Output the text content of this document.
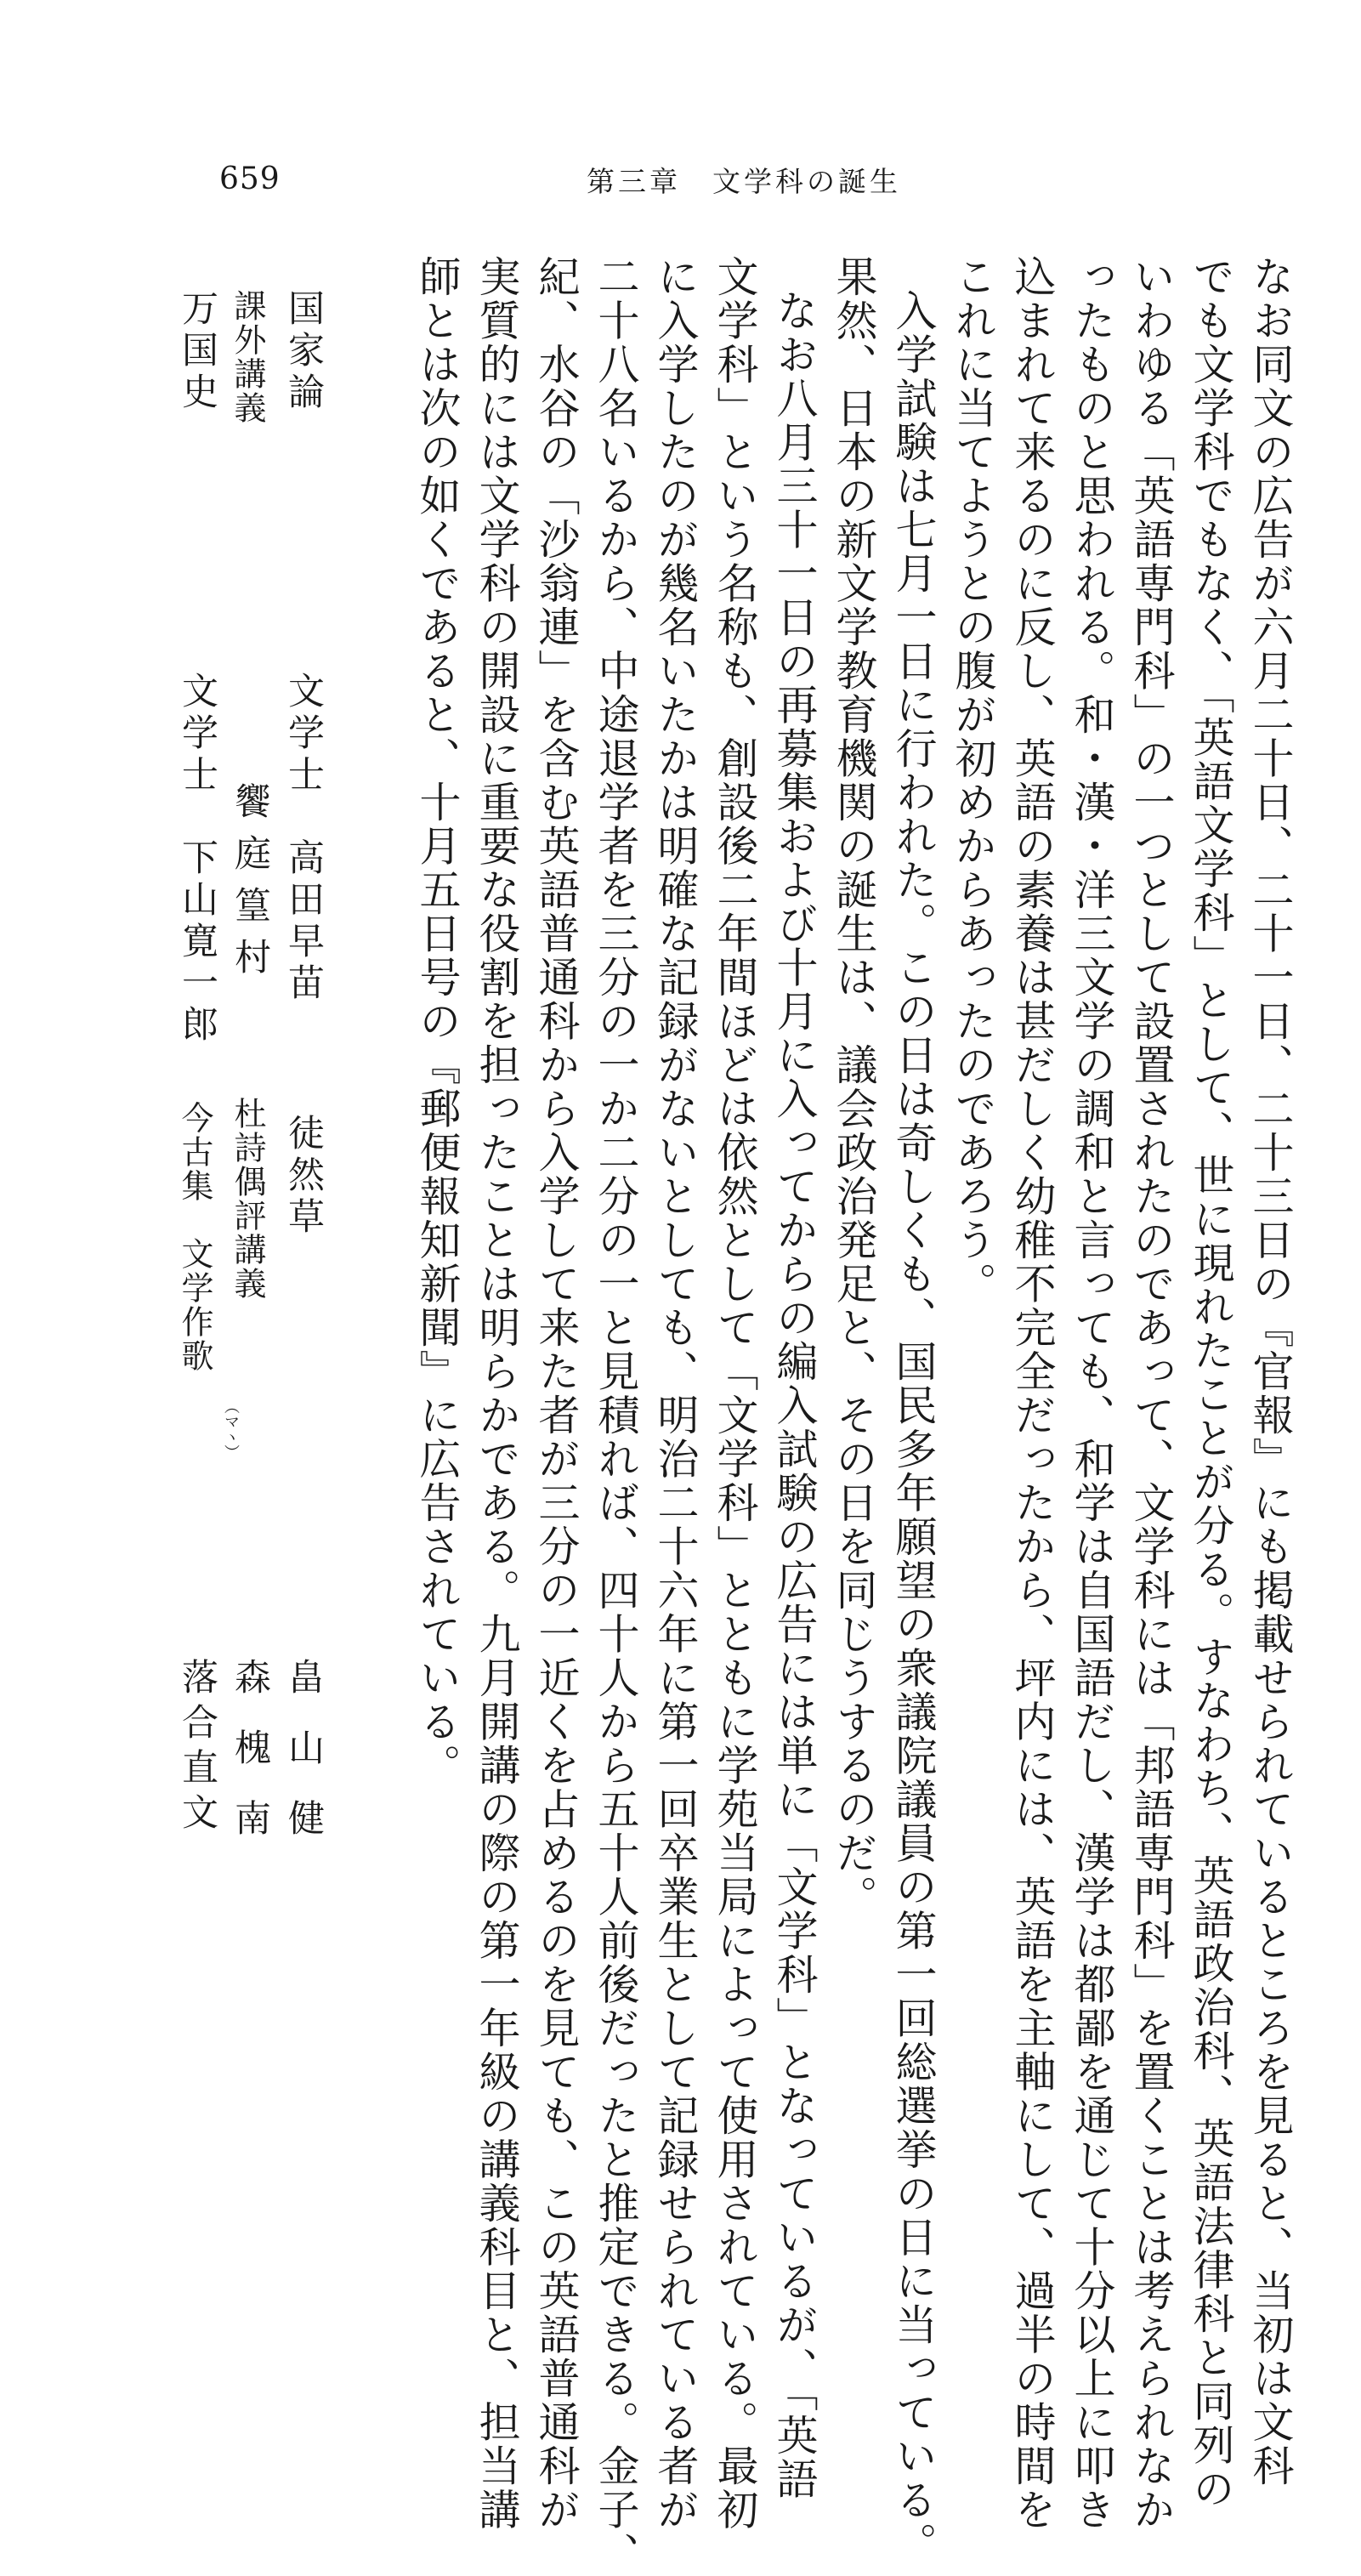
659	第三章　文学科の誕生
なお同文の広告が六月二十日、二十一日、二十三日の『官報』にも掲載せられているところを見ると、当初は文科
でも文学科でもなく、「英語文学科」として、世に現れたことが分る。すなわち、英語政治科、英語法律科と同列の
いわゆる「英語専門科」の一つとして設置されたのであって、文学科には「邦語専門科」を置くことは考えられなか
ったものと思われる。和・漢・洋三文学の調和と言っても、和学は自国語だし、漢学は都鄙を通じて十分以上に叩き
込まれて来るのに反し、英語の素養は甚だしく幼稚不完全だったから、坪内には、英語を主軸にして、過半の時間を
これに当てようとの腹が初めからあったのであろう。
入学試験は七月一日に行われた。この日は奇しくも、国民多年願望の衆議院議員の第一回総選挙の日に当っている。
果然、日本の新文学教育機関の誕生は、議会政治発足と、その日を同じうするのだ。
なお八月三十一日の再募集および十月に入ってからの編入試験の広告には単に「文学科」となっているが、「英語
文学科」という名称も、創設後二年間ほどは依然として「文学科」とともに学苑当局によって使用されている。最初
に入学したのが幾名いたかは明確な記録がないとしても、明治二十六年に第一回卒業生として記録せられている者が
二十八名いるから、中途退学者を三分の一か二分の一と見積れば、四十人から五十人前後だったと推定できる。金子、
紀、水谷の「沙翁連」を含む英語普通科から入学して来た者が三分の一近くを占めるのを見ても、この英語普通科が
実質的には文学科の開設に重要な役割を担ったことは明らかである。九月開講の際の第一年級の講義科目と、担当講
師とは次の如くであると、十月五日号の『郵便報知新聞』に広告されている。
国家論
文学士　高田早苗
徒然草
畠山健
課外講義
饗庭篁村
杜詩偶評講義
森槐南
万国史
文学士　下山寛一郎
今古集　文学作歌
（マヽ）
落合直文
